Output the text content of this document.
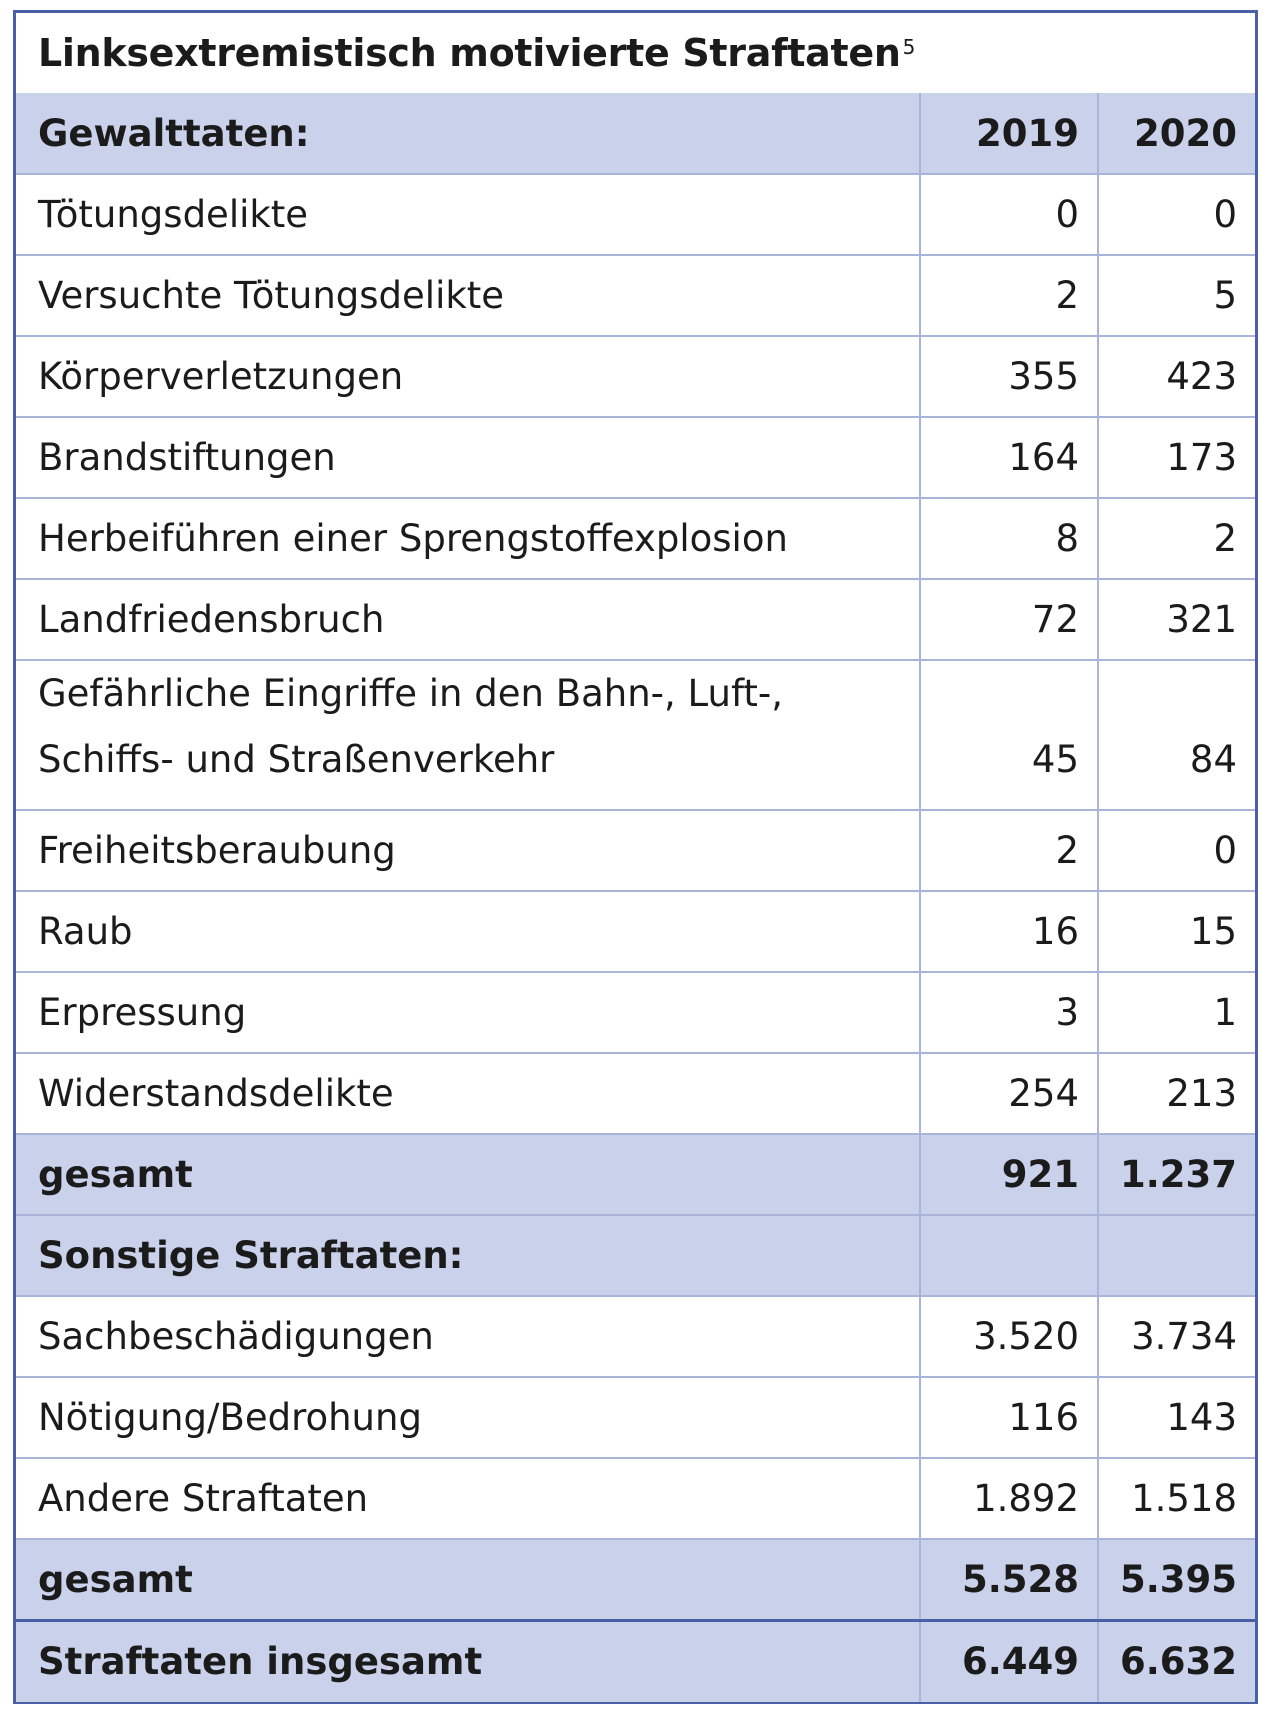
Linksextremistisch motivierte Straftaten$^5$
Gewalttaten:	2019	2020
Tötungsdelikte	0	0
Versuchte Tötungsdelikte	2	5
Körperverletzungen	355	423
Brandstiftungen	164	173
Herbeiführen einer Sprengstoffexplosion	8	2
Landfriedensbruch	72	321
Gefährliche Eingriffe in den Bahn-, Luft-, Schiffs- und Straßenverkehr	45	84
Freiheitsberaubung	2	0
Raub	16	15
Erpressung	3	1
Widerstandsdelikte	254	213
gesamt	921	1.237
Sonstige Straftaten:		
Sachbeschädigungen	3.520	3.734
Nötigung/Bedrohung	116	143
Andere Straftaten	1.892	1.518
gesamt	5.528	5.395
Straftaten insgesamt	6.449	6.632
